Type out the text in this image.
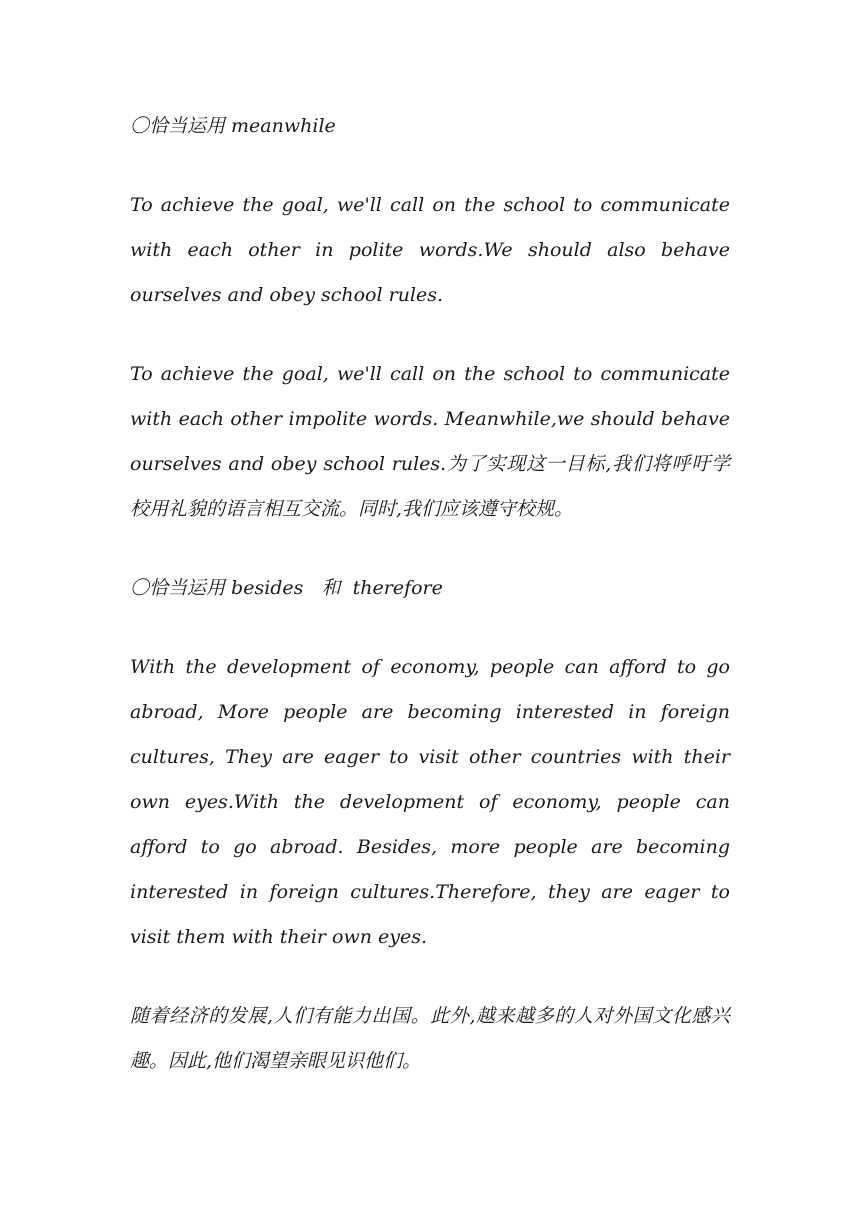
〇恰当运用 meanwhile

To achieve the goal, we'll call on the school to communicate with each other in polite words.We should also behave ourselves and obey school rules.

To achieve the goal, we'll call on the school to communicate with each other impolite words. Meanwhile,we should behave ourselves and obey school rules.为了实现这一目标,我们将呼吁学校用礼貌的语言相互交流。同时,我们应该遵守校规。

〇恰当运用 besides   和  therefore

With the development of economy, people can afford to go abroad, More people are becoming interested in foreign cultures, They are eager to visit other countries with their own eyes.With the development of economy, people can afford to go abroad. Besides, more people are becoming interested in foreign cultures.Therefore, they are eager to visit them with their own eyes.

随着经济的发展,人们有能力出国。此外,越来越多的人对外国文化感兴趣。因此,他们渴望亲眼见识他们。
